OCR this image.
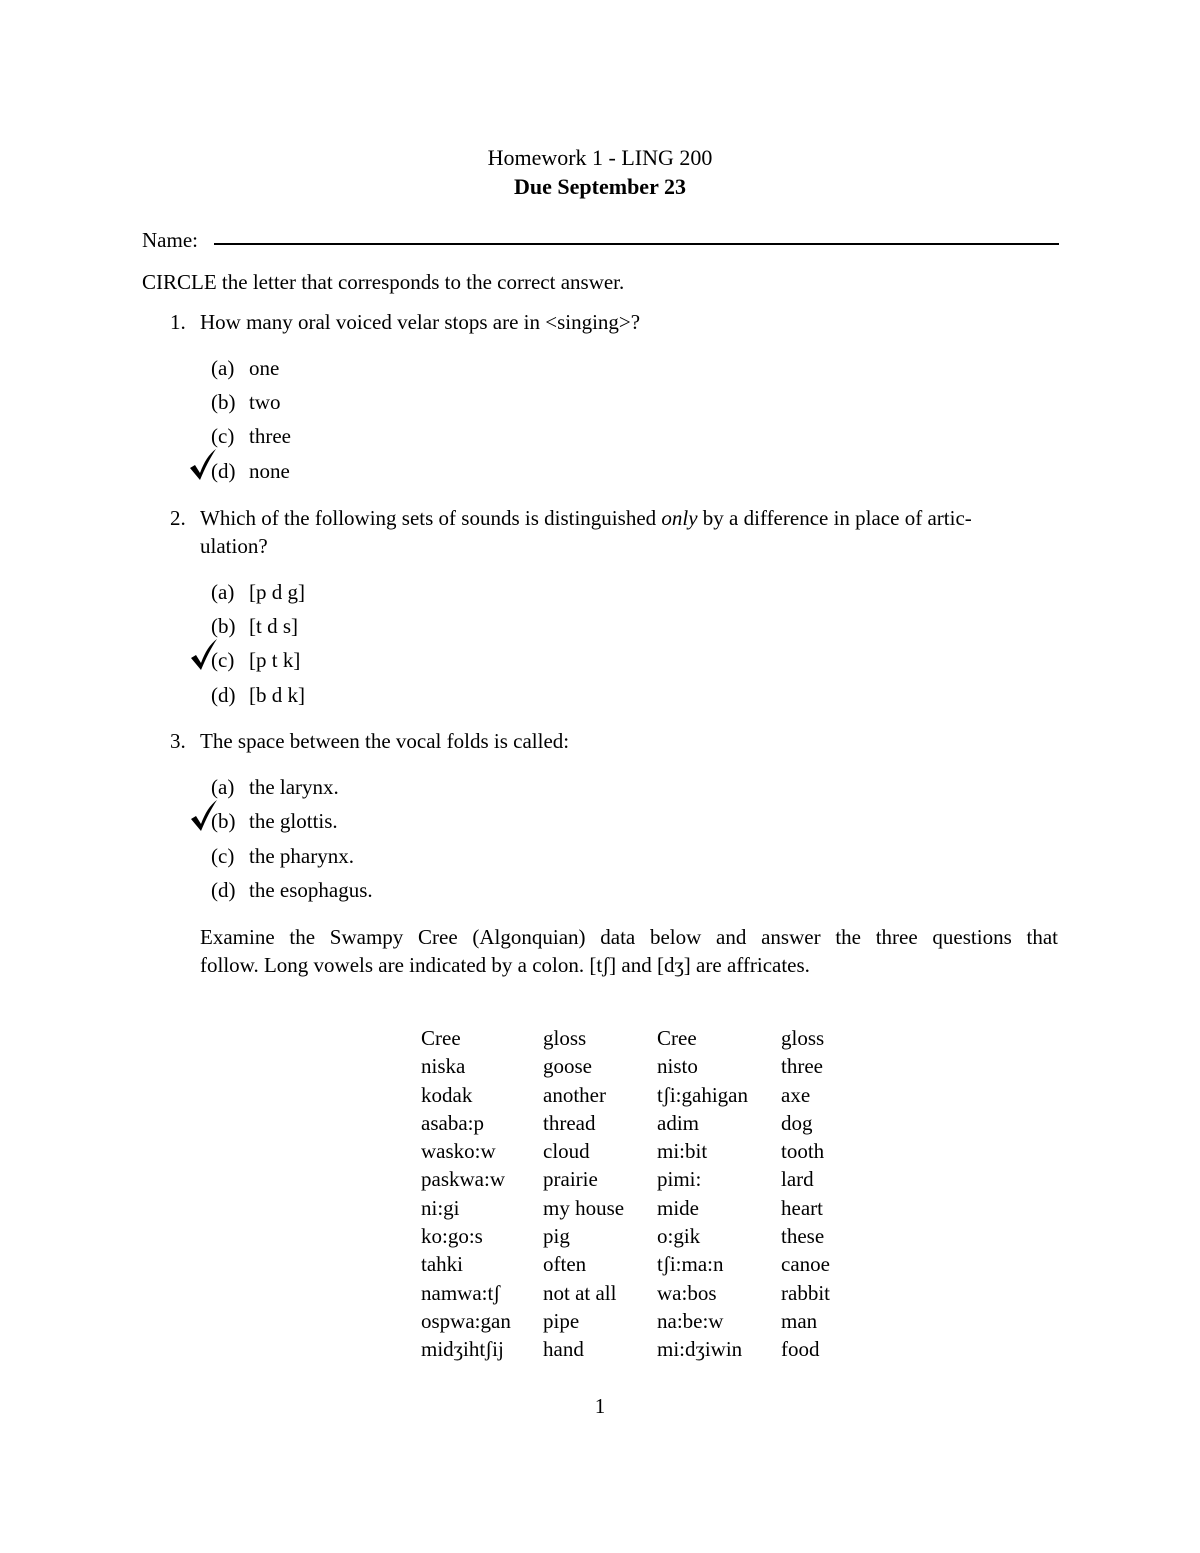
Homework 1 - LING 200
Due September 23
Name:
CIRCLE the letter that corresponds to the correct answer.
1. How many oral voiced velar stops are in <singing>?
(a) one
(b) two
(c) three
(d) none
2. Which of the following sets of sounds is distinguished only by a difference in place of artic-
ulation?
(a) [p d g]
(b) [t d s]
(c) [p t k]
(d) [b d k]
3. The space between the vocal folds is called:
(a) the larynx.
(b) the glottis.
(c) the pharynx.
(d) the esophagus.
Examine the Swampy Cree (Algonquian) data below and answer the three questions that
follow. Long vowels are indicated by a colon. [tʃ] and [dʒ] are affricates.
Cree	gloss	Cree	gloss
niska	goose	nisto	three
kodak	another	tʃi:gahigan	axe
asaba:p	thread	adim	dog
wasko:w	cloud	mi:bit	tooth
paskwa:w	prairie	pimi:	lard
ni:gi	my house	mide	heart
ko:go:s	pig	o:gik	these
tahki	often	tʃi:ma:n	canoe
namwa:tʃ	not at all	wa:bos	rabbit
ospwa:gan	pipe	na:be:w	man
midʒihtʃij	hand	mi:dʒiwin	food
1
